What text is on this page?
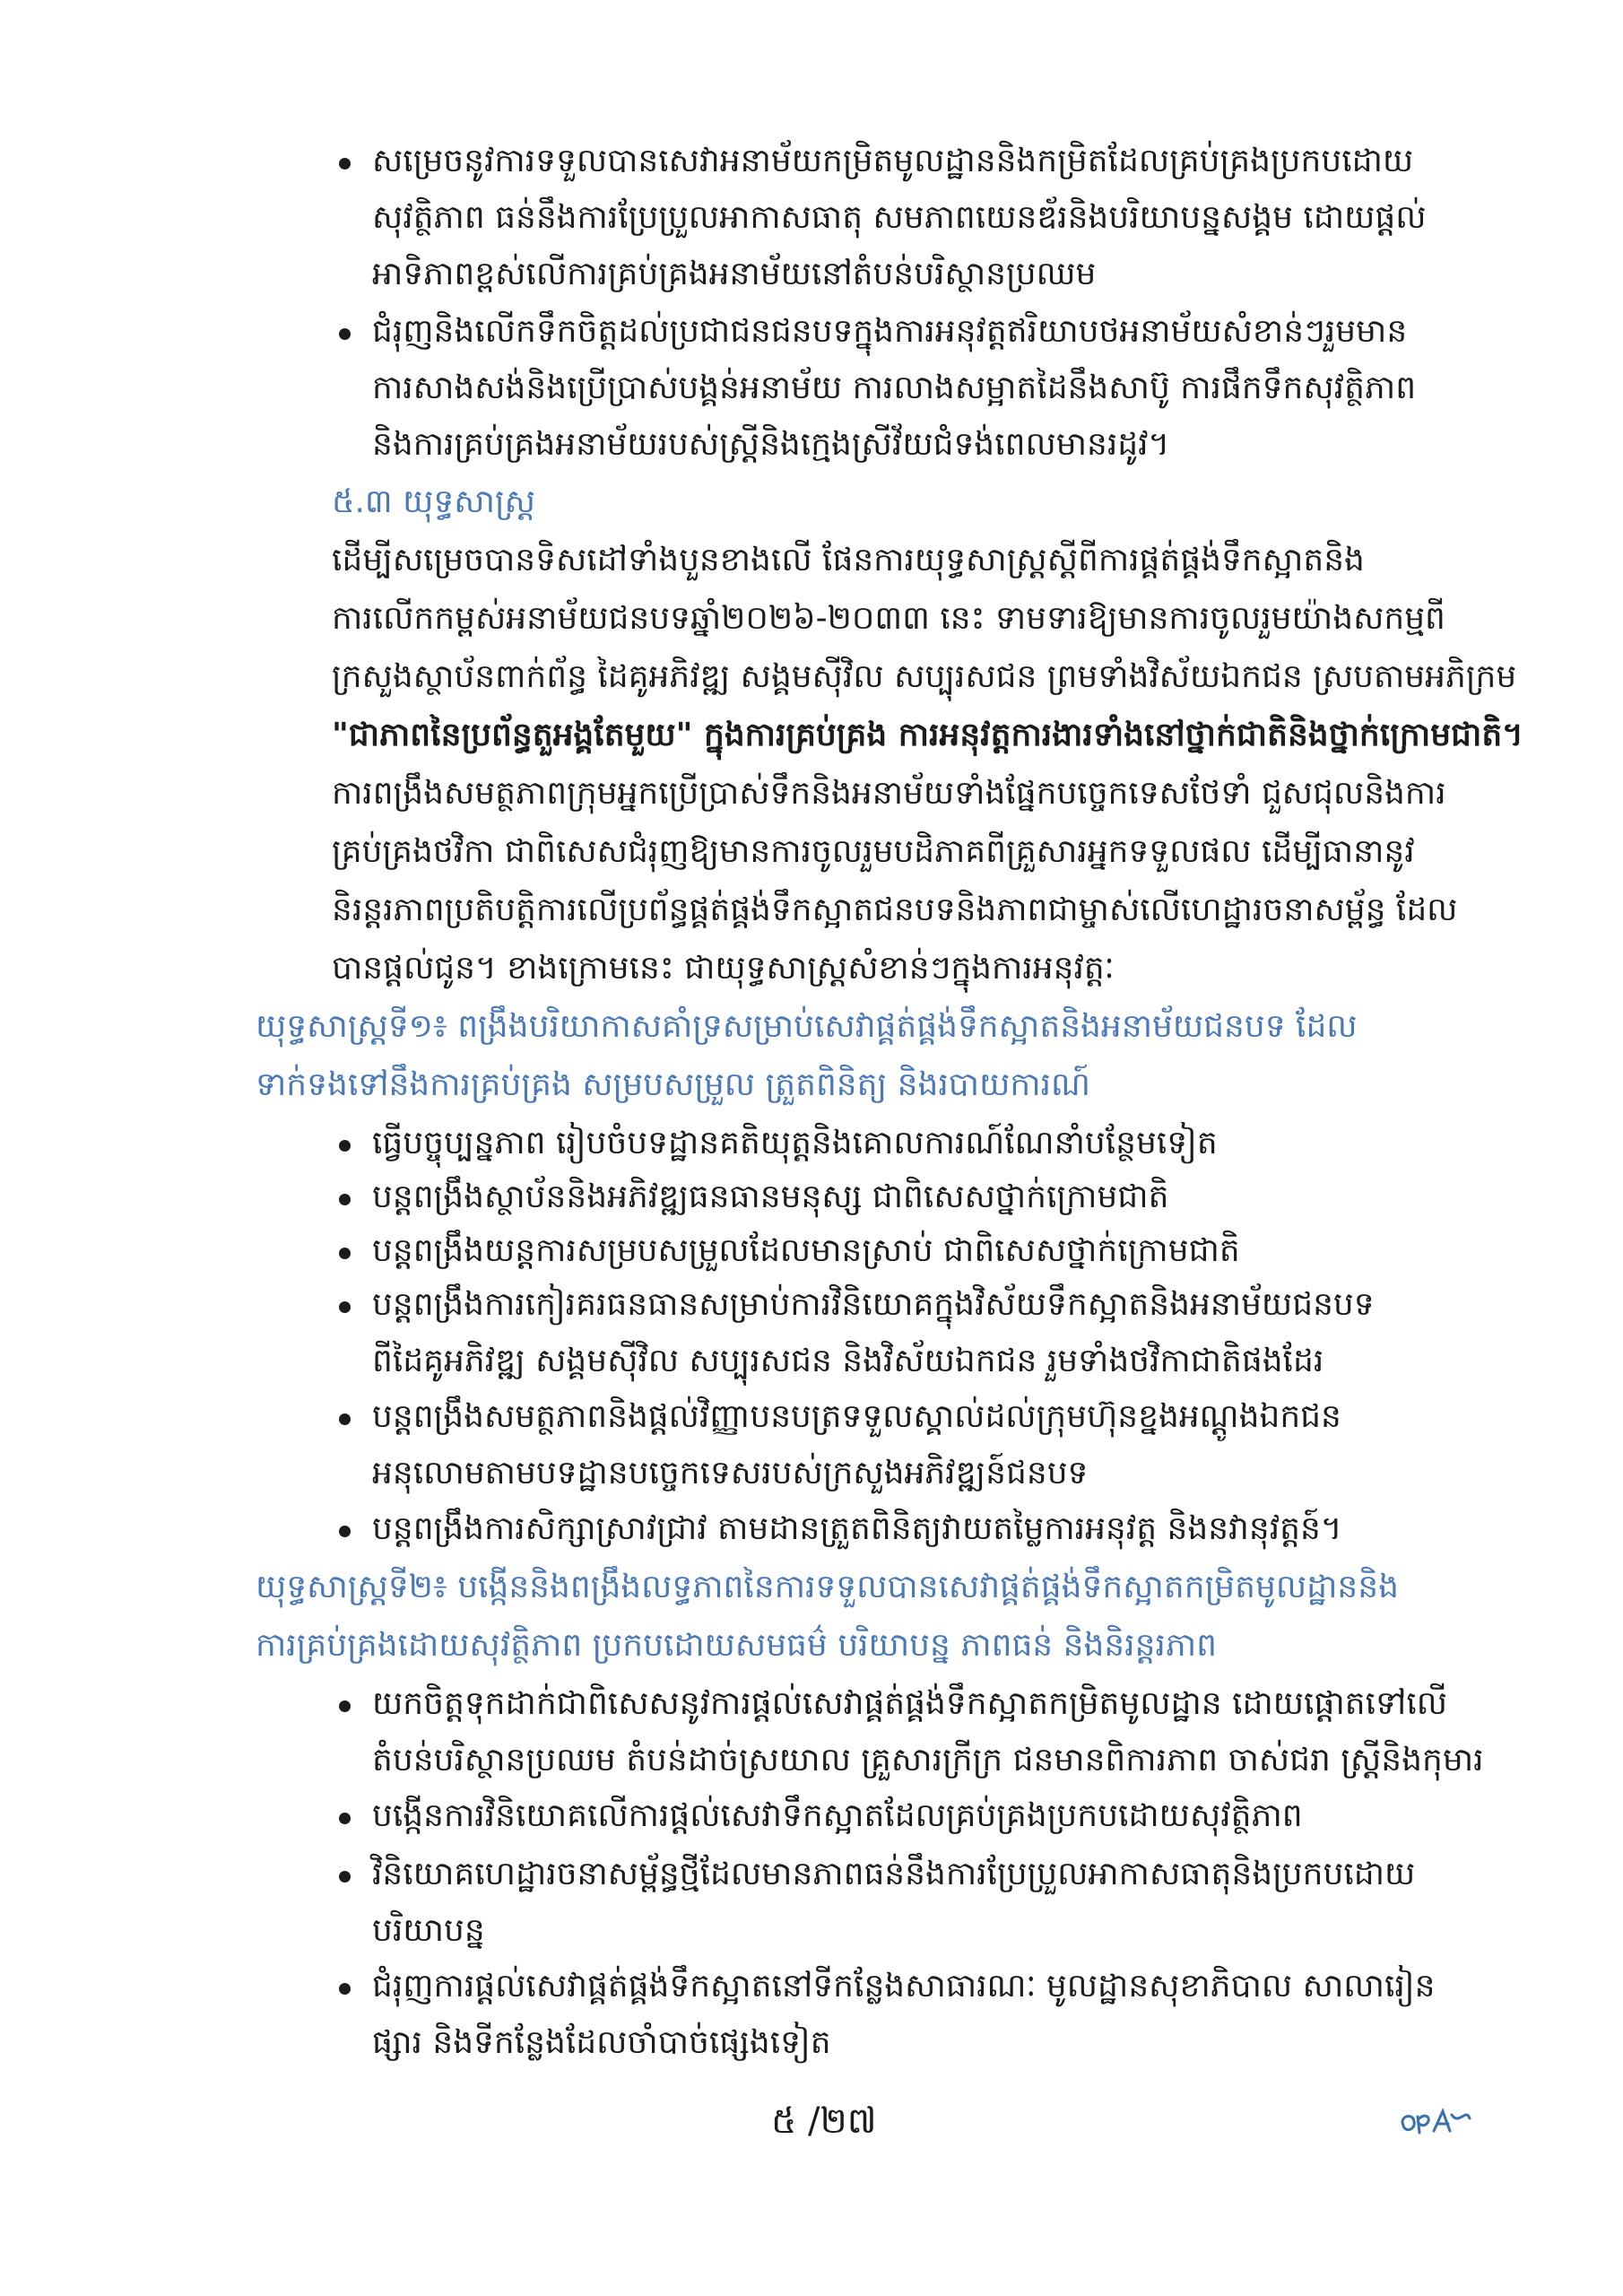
សម្រេចនូវការទទួលបានសេវាអនាម័យកម្រិតមូលដ្ឋាននិងកម្រិតដែលគ្រប់គ្រងប្រកបដោយ
សុវត្ថិភាព ធន់នឹងការប្រែប្រួលអាកាសធាតុ សមភាពយេនឌ័រនិងបរិយាបន្នសង្គម ដោយផ្តល់
អាទិភាពខ្ពស់លើការគ្រប់គ្រងអនាម័យនៅតំបន់បរិស្ថានប្រឈម
ជំរុញនិងលើកទឹកចិត្តដល់ប្រជាជនជនបទក្នុងការអនុវត្តឥរិយាបថអនាម័យសំខាន់ៗរួមមាន
ការសាងសង់និងប្រើប្រាស់បង្គន់អនាម័យ ការលាងសម្អាតដៃនឹងសាប៊ូ ការផឹកទឹកសុវត្ថិភាព
និងការគ្រប់គ្រងអនាម័យរបស់ស្ត្រីនិងក្មេងស្រីវ័យជំទង់ពេលមានរដូវ។
៥.៣ យុទ្ធសាស្ត្រ
ដើម្បីសម្រេចបានទិសដៅទាំងបួនខាងលើ ផែនការយុទ្ធសាស្ត្រស្តីពីការផ្គត់ផ្គង់ទឹកស្អាតនិង
ការលើកកម្ពស់អនាម័យជនបទឆ្នាំ២០២៦-២០៣៣ នេះ ទាមទារឱ្យមានការចូលរួមយ៉ាងសកម្មពី
ក្រសួងស្ថាប័នពាក់ព័ន្ធ ដៃគូអភិវឌ្ឍ សង្គមស៊ីវិល សប្បុរសជន ព្រមទាំងវិស័យឯកជន ស្របតាមអភិក្រម
"ជាភាពនៃប្រព័ន្ធតួអង្គតែមួយ" ក្នុងការគ្រប់គ្រង ការអនុវត្តការងារទាំងនៅថ្នាក់ជាតិនិងថ្នាក់ក្រោមជាតិ។
ការពង្រឹងសមត្ថភាពក្រុមអ្នកប្រើប្រាស់ទឹកនិងអនាម័យទាំងផ្នែកបច្ចេកទេសថែទាំ ជួសជុលនិងការ
គ្រប់គ្រងថវិកា ជាពិសេសជំរុញឱ្យមានការចូលរួមបដិភាគពីគ្រួសារអ្នកទទួលផល ដើម្បីធានានូវ
និរន្តរភាពប្រតិបត្តិការលើប្រព័ន្ធផ្គត់ផ្គង់ទឹកស្អាតជនបទនិងភាពជាម្ចាស់លើហេដ្ឋារចនាសម្ព័ន្ធ ដែល
បានផ្តល់ជូន។ ខាងក្រោមនេះ ជាយុទ្ធសាស្ត្រសំខាន់ៗក្នុងការអនុវត្តៈ
យុទ្ធសាស្ត្រទី១៖ ពង្រឹងបរិយាកាសគាំទ្រសម្រាប់សេវាផ្គត់ផ្គង់ទឹកស្អាតនិងអនាម័យជនបទ ដែល
ទាក់ទងទៅនឹងការគ្រប់គ្រង សម្របសម្រួល ត្រួតពិនិត្យ និងរបាយការណ៍
ធ្វើបច្ចុប្បន្នភាព រៀបចំបទដ្ឋានគតិយុត្តនិងគោលការណ៍ណែនាំបន្ថែមទៀត
បន្តពង្រឹងស្ថាប័ននិងអភិវឌ្ឍធនធានមនុស្ស ជាពិសេសថ្នាក់ក្រោមជាតិ
បន្តពង្រឹងយន្តការសម្របសម្រួលដែលមានស្រាប់ ជាពិសេសថ្នាក់ក្រោមជាតិ
បន្តពង្រឹងការកៀរគរធនធានសម្រាប់ការវិនិយោគក្នុងវិស័យទឹកស្អាតនិងអនាម័យជនបទ
ពីដៃគូអភិវឌ្ឍ សង្គមស៊ីវិល សប្បុរសជន និងវិស័យឯកជន រួមទាំងថវិកាជាតិផងដែរ
បន្តពង្រឹងសមត្ថភាពនិងផ្តល់វិញ្ញាបនបត្រទទួលស្គាល់ដល់ក្រុមហ៊ុនខ្នងអណ្តូងឯកជន
អនុលោមតាមបទដ្ឋានបច្ចេកទេសរបស់ក្រសួងអភិវឌ្ឍន៍ជនបទ
បន្តពង្រឹងការសិក្សាស្រាវជ្រាវ តាមដានត្រួតពិនិត្យវាយតម្លៃការអនុវត្ត និងនវានុវត្តន៍។
យុទ្ធសាស្ត្រទី២៖ បង្កើននិងពង្រឹងលទ្ធភាពនៃការទទួលបានសេវាផ្គត់ផ្គង់ទឹកស្អាតកម្រិតមូលដ្ឋាននិង
ការគ្រប់គ្រងដោយសុវត្ថិភាព ប្រកបដោយសមធម៌ បរិយាបន្ន ភាពធន់ និងនិរន្តរភាព
យកចិត្តទុកដាក់ជាពិសេសនូវការផ្តល់សេវាផ្គត់ផ្គង់ទឹកស្អាតកម្រិតមូលដ្ឋាន ដោយផ្តោតទៅលើ
តំបន់បរិស្ថានប្រឈម តំបន់ដាច់ស្រយាល គ្រួសារក្រីក្រ ជនមានពិការភាព ចាស់ជរា ស្ត្រីនិងកុមារ
បង្កើនការវិនិយោគលើការផ្តល់សេវាទឹកស្អាតដែលគ្រប់គ្រងប្រកបដោយសុវត្ថិភាព
វិនិយោគហេដ្ឋារចនាសម្ព័ន្ធថ្មីដែលមានភាពធន់នឹងការប្រែប្រួលអាកាសធាតុនិងប្រកបដោយ
បរិយាបន្ន
ជំរុញការផ្តល់សេវាផ្គត់ផ្គង់ទឹកស្អាតនៅទីកន្លែងសាធារណៈ មូលដ្ឋានសុខាភិបាល សាលារៀន
ផ្សារ និងទីកន្លែងដែលចាំបាច់ផ្សេងទៀត
៥ /២៧
